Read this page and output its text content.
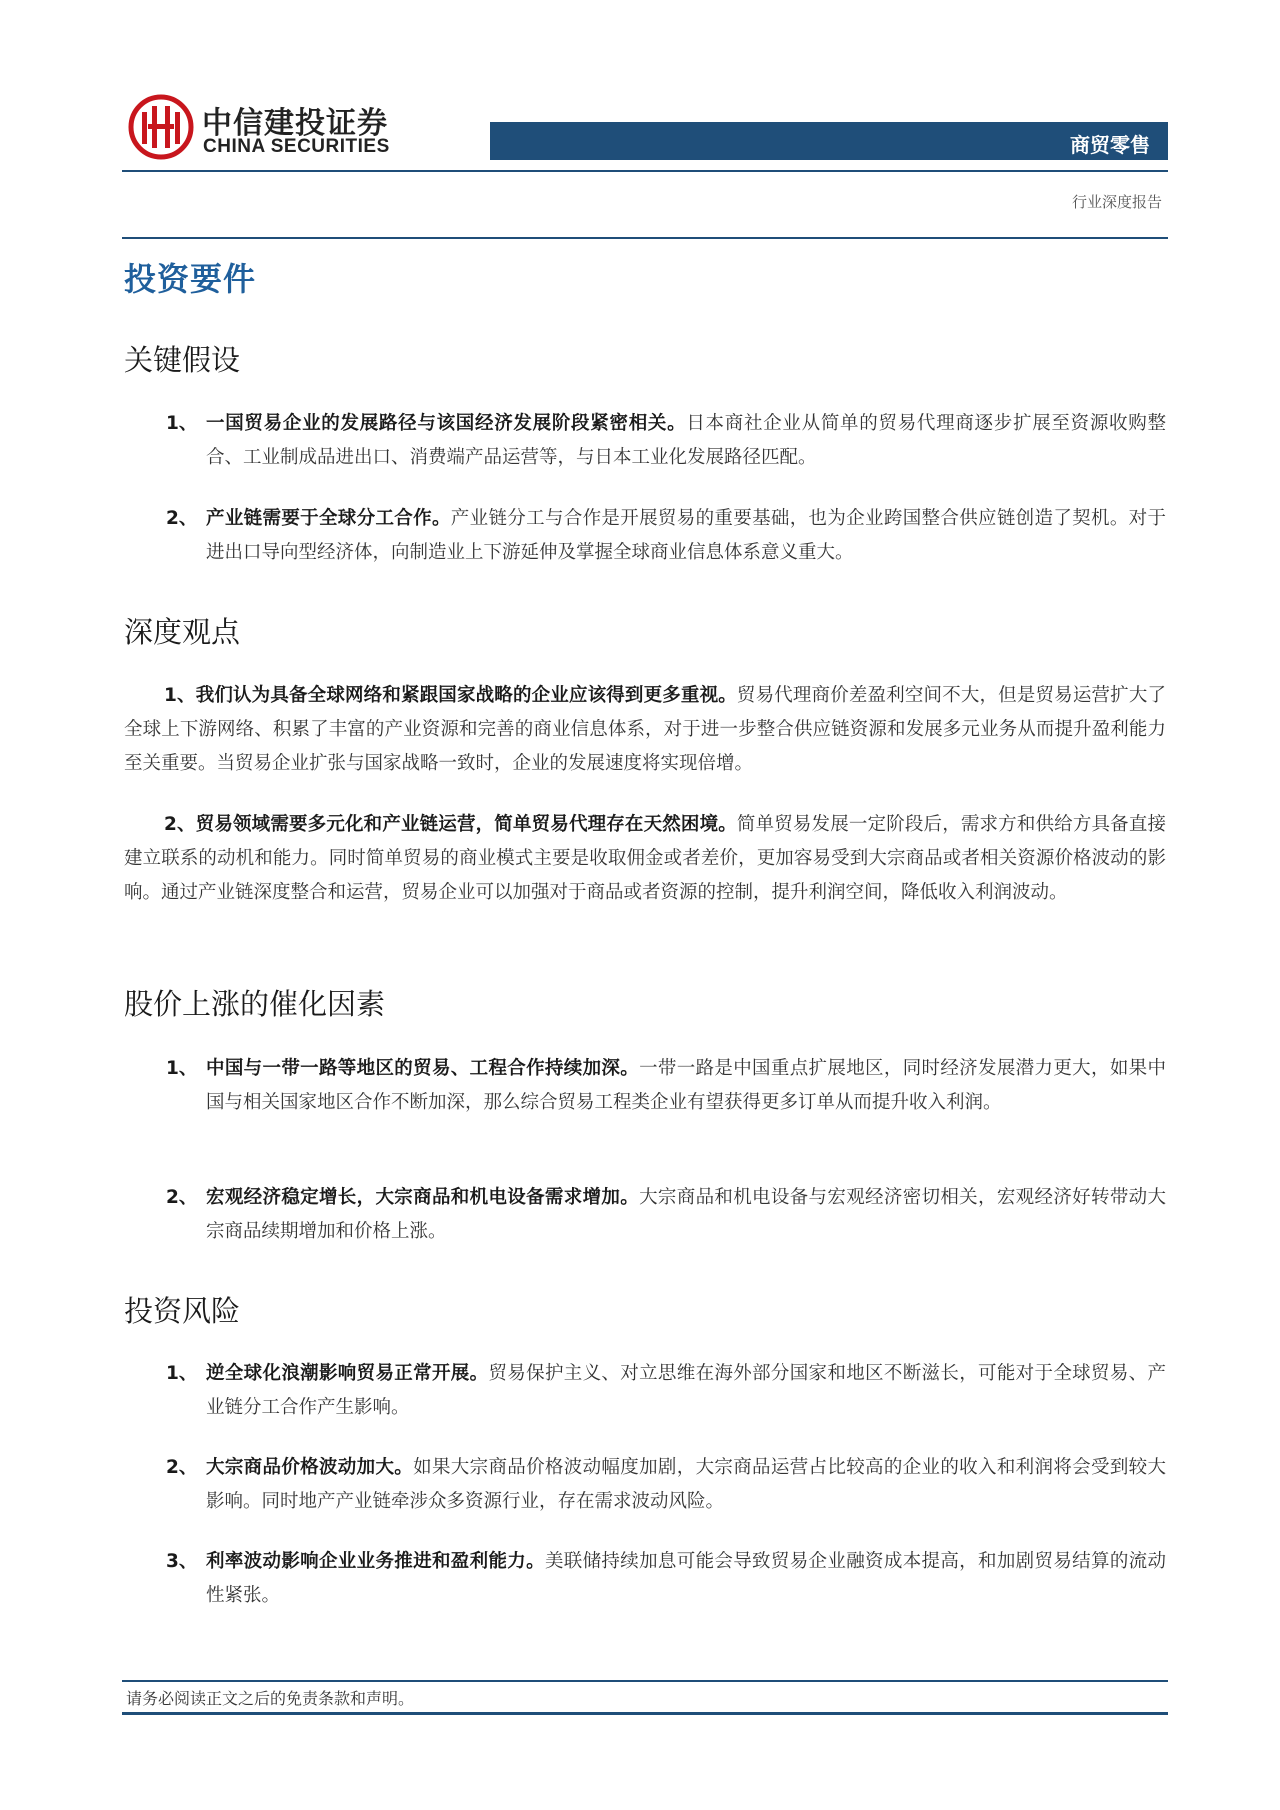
中信建投证券
CHINA SECURITIES	商贸零售
行业深度报告
投资要件
关键假设
1、 一国贸易企业的发展路径与该国经济发展阶段紧密相关。日本商社企业从简单的贸易代理商逐步扩展至资源收购整合、工业制成品进出口、消费端产品运营等，与日本工业化发展路径匹配。
2、 产业链需要于全球分工合作。产业链分工与合作是开展贸易的重要基础，也为企业跨国整合供应链创造了契机。对于进出口导向型经济体，向制造业上下游延伸及掌握全球商业信息体系意义重大。
深度观点
1、我们认为具备全球网络和紧跟国家战略的企业应该得到更多重视。贸易代理商价差盈利空间不大，但是贸易运营扩大了全球上下游网络、积累了丰富的产业资源和完善的商业信息体系，对于进一步整合供应链资源和发展多元业务从而提升盈利能力至关重要。当贸易企业扩张与国家战略一致时，企业的发展速度将实现倍增。
2、贸易领域需要多元化和产业链运营，简单贸易代理存在天然困境。简单贸易发展一定阶段后，需求方和供给方具备直接建立联系的动机和能力。同时简单贸易的商业模式主要是收取佣金或者差价，更加容易受到大宗商品或者相关资源价格波动的影响。通过产业链深度整合和运营，贸易企业可以加强对于商品或者资源的控制，提升利润空间，降低收入利润波动。
股价上涨的催化因素
1、 中国与一带一路等地区的贸易、工程合作持续加深。一带一路是中国重点扩展地区，同时经济发展潜力更大，如果中国与相关国家地区合作不断加深，那么综合贸易工程类企业有望获得更多订单从而提升收入利润。
2、 宏观经济稳定增长，大宗商品和机电设备需求增加。大宗商品和机电设备与宏观经济密切相关，宏观经济好转带动大宗商品续期增加和价格上涨。
投资风险
1、 逆全球化浪潮影响贸易正常开展。贸易保护主义、对立思维在海外部分国家和地区不断滋长，可能对于全球贸易、产业链分工合作产生影响。
2、 大宗商品价格波动加大。如果大宗商品价格波动幅度加剧，大宗商品运营占比较高的企业的收入和利润将会受到较大影响。同时地产产业链牵涉众多资源行业，存在需求波动风险。
3、 利率波动影响企业业务推进和盈利能力。美联储持续加息可能会导致贸易企业融资成本提高，和加剧贸易结算的流动性紧张。
请务必阅读正文之后的免责条款和声明。
